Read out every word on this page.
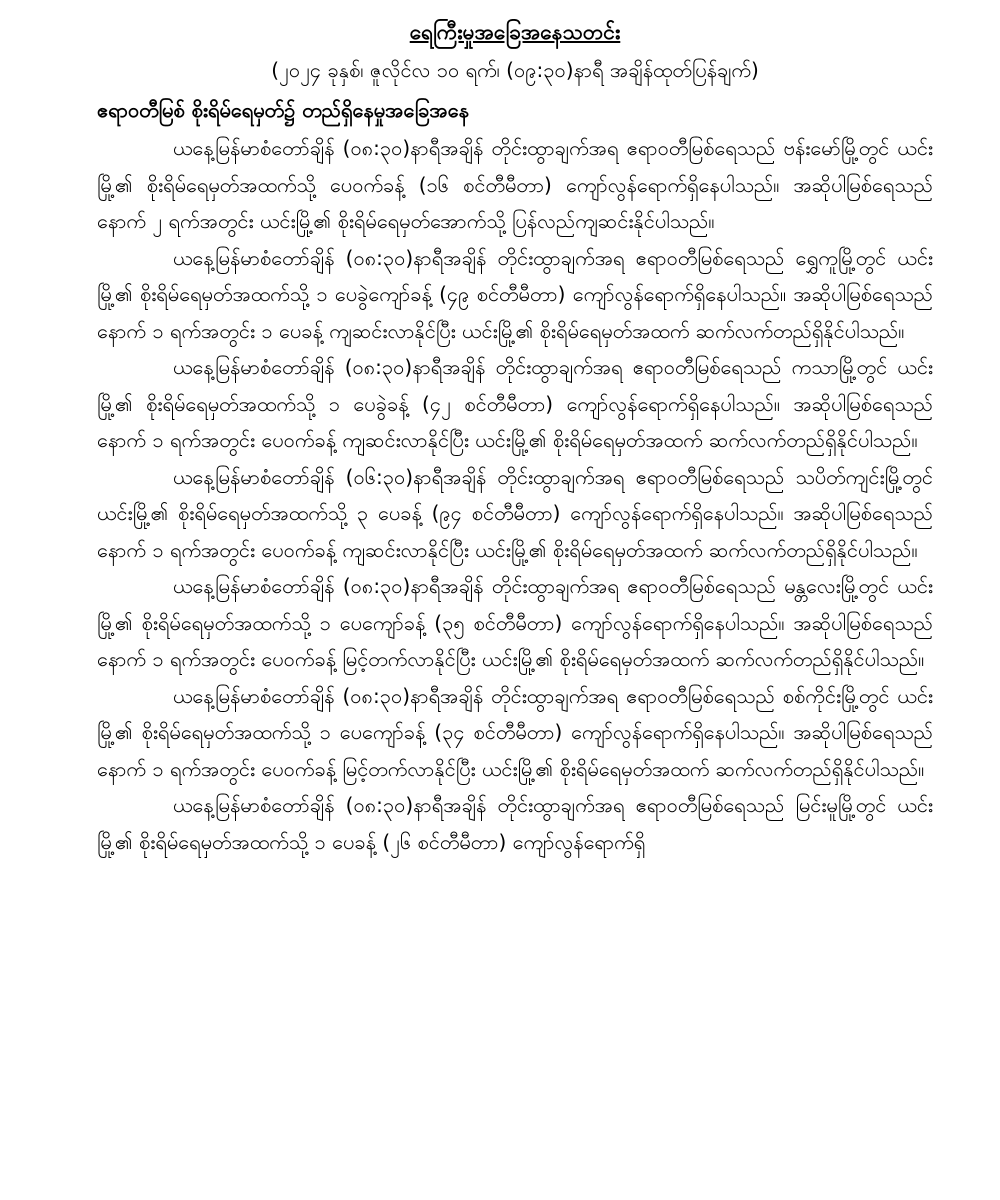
ရေကြီးမှုအခြေအနေသတင်း

(၂၀၂၄ ခုနှစ်၊ ဇူလိုင်လ ၁၀ ရက်၊ (၀၉:၃၀)နာရီ အချိန်ထုတ်ပြန်ချက်)

ဧရာဝတီမြစ် စိုးရိမ်ရေမှတ်၌ တည်ရှိနေမှုအခြေအနေ

ယနေ့မြန်မာစံတော်ချိန် (၀၈:၃၀)နာရီအချိန် တိုင်းထွာချက်အရ ဧရာဝတီမြစ်ရေသည် ဗန်းမော်မြို့တွင် ယင်းမြို့၏ စိုးရိမ်ရေမှတ်အထက်သို့ ပေ၀က်ခန့် (၁၆ စင်တီမီတာ) ကျော်လွန်ရောက်ရှိနေပါသည်။ အဆိုပါမြစ်ရေသည် နောက် ၂ ရက်အတွင်း ယင်းမြို့၏ စိုးရိမ်ရေမှတ်အောက်သို့ ပြန်လည်ကျဆင်းနိုင်ပါသည်။

ယနေ့မြန်မာစံတော်ချိန် (၀၈:၃၀)နာရီအချိန် တိုင်းထွာချက်အရ ဧရာဝတီမြစ်ရေသည် ရွှေကူမြို့တွင် ယင်းမြို့၏ စိုးရိမ်ရေမှတ်အထက်သို့ ၁ ပေခွဲကျော်ခန့် (၄၉ စင်တီမီတာ) ကျော်လွန်ရောက်ရှိနေပါသည်။ အဆိုပါမြစ်ရေသည် နောက် ၁ ရက်အတွင်း ၁ ပေခန့် ကျဆင်းလာနိုင်ပြီး ယင်းမြို့၏ စိုးရိမ်ရေမှတ်အထက် ဆက်လက်တည်ရှိနိုင်ပါသည်။

ယနေ့မြန်မာစံတော်ချိန် (၀၈:၃၀)နာရီအချိန် တိုင်းထွာချက်အရ ဧရာဝတီမြစ်ရေသည် ကသာမြို့တွင် ယင်းမြို့၏ စိုးရိမ်ရေမှတ်အထက်သို့ ၁ ပေခွဲခန့် (၄၂ စင်တီမီတာ) ကျော်လွန်ရောက်ရှိနေပါသည်။ အဆိုပါမြစ်ရေသည် နောက် ၁ ရက်အတွင်း ပေ၀က်ခန့် ကျဆင်းလာနိုင်ပြီး ယင်းမြို့၏ စိုးရိမ်ရေမှတ်အထက် ဆက်လက်တည်ရှိနိုင်ပါသည်။

ယနေ့မြန်မာစံတော်ချိန် (၀၆:၃၀)နာရီအချိန် တိုင်းထွာချက်အရ ဧရာဝတီမြစ်ရေသည် သပိတ်ကျင်းမြို့တွင် ယင်းမြို့၏ စိုးရိမ်ရေမှတ်အထက်သို့ ၃ ပေခန့် (၉၄ စင်တီမီတာ) ကျော်လွန်ရောက်ရှိနေပါသည်။ အဆိုပါမြစ်ရေသည် နောက် ၁ ရက်အတွင်း ပေ၀က်ခန့် ကျဆင်းလာနိုင်ပြီး ယင်းမြို့၏ စိုးရိမ်ရေမှတ်အထက် ဆက်လက်တည်ရှိနိုင်ပါသည်။

ယနေ့မြန်မာစံတော်ချိန် (၀၈:၃၀)နာရီအချိန် တိုင်းထွာချက်အရ ဧရာဝတီမြစ်ရေသည် မန္တလေးမြို့တွင် ယင်းမြို့၏ စိုးရိမ်ရေမှတ်အထက်သို့ ၁ ပေကျော်ခန့် (၃၅ စင်တီမီတာ) ကျော်လွန်ရောက်ရှိနေပါသည်။ အဆိုပါမြစ်ရေသည် နောက် ၁ ရက်အတွင်း ပေ၀က်ခန့် မြင့်တက်လာနိုင်ပြီး ယင်းမြို့၏ စိုးရိမ်ရေမှတ်အထက် ဆက်လက်တည်ရှိနိုင်ပါသည်။

ယနေ့မြန်မာစံတော်ချိန် (၀၈:၃၀)နာရီအချိန် တိုင်းထွာချက်အရ ဧရာဝတီမြစ်ရေသည် စစ်ကိုင်းမြို့တွင် ယင်းမြို့၏ စိုးရိမ်ရေမှတ်အထက်သို့ ၁ ပေကျော်ခန့် (၃၄ စင်တီမီတာ) ကျော်လွန်ရောက်ရှိနေပါသည်။ အဆိုပါမြစ်ရေသည် နောက် ၁ ရက်အတွင်း ပေ၀က်ခန့် မြင့်တက်လာနိုင်ပြီး ယင်းမြို့၏ စိုးရိမ်ရေမှတ်အထက် ဆက်လက်တည်ရှိနိုင်ပါသည်။

ယနေ့မြန်မာစံတော်ချိန် (၀၈:၃၀)နာရီအချိန် တိုင်းထွာချက်အရ ဧရာဝတီမြစ်ရေသည် မြင်းမူမြို့တွင် ယင်းမြို့၏ စိုးရိမ်ရေမှတ်အထက်သို့ ၁ ပေခန့် (၂၆ စင်တီမီတာ) ကျော်လွန်ရောက်ရှိ
